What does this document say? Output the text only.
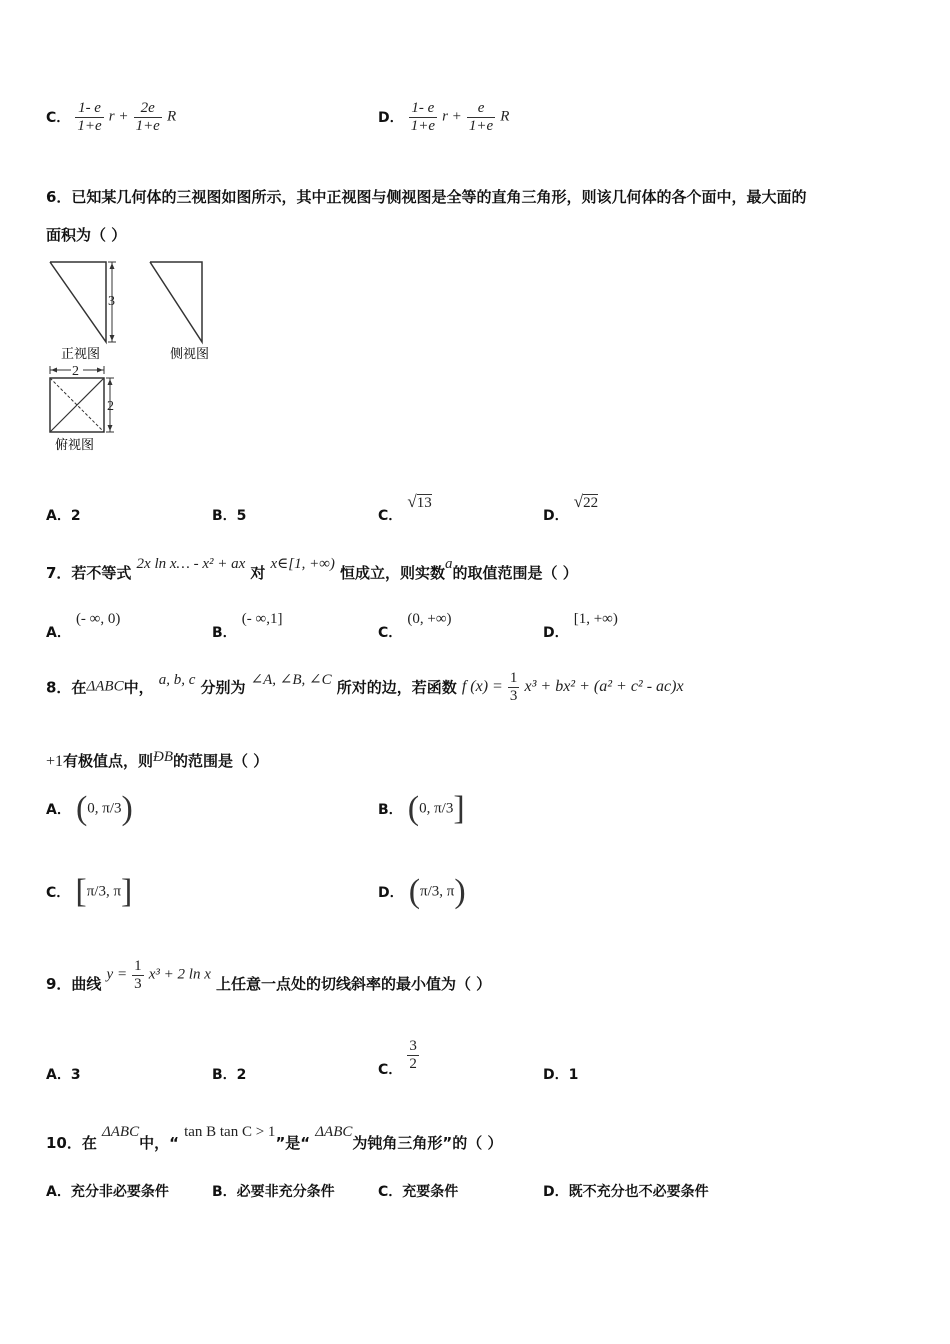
C． $\frac{1- e}{1+e}$ $r + \frac{2e}{1+e}$ R	D． $\frac{1- e}{1+e}$ $r + \frac{e}{1+e}$ R
6．已知某几何体的三视图如图所示，其中正视图与侧视图是全等的直角三角形，则该几何体的各个面中，最大面的
面积为（ ）
3
正视图	侧视图
2
2
俯视图
A．2	B．5	C． √13
D． √22
7．若不等式 2x ln x… - x² + ax 对 x∈[1, +∞) 恒成立，则实数a的取值范围是（ ）
A． (- ∞, 0)
B． (- ∞,1]
C． (0, +∞)
D． [1, +∞)
8．在ΔABC中， a, b, c 分别为 ∠A, ∠B, ∠C 所对的边，若函数 f $(x) = \frac{1}{3} x^3 + bx^2 + (a^2 + c^2 - ac)x$
+1有极值点，则ÐB的范围是（ ）
A． (0, π/3)	B． (0, π/3]
C． [π/3, π]	D． (π/3, π)
9．曲线 $y = \frac{1}{3} x^3 + 2$ ln x 上任意一点处的切线斜率的最小值为（ ）
A．3	B．2	C． $\frac{3}{2}$
D．1
10．在 ΔABC中，“ tan B tan C > 1”是“ ΔABC为钝角三角形”的（ ）
A．充分非必要条件	B．必要非充分条件	C．充要条件	D．既不充分也不必要条件
